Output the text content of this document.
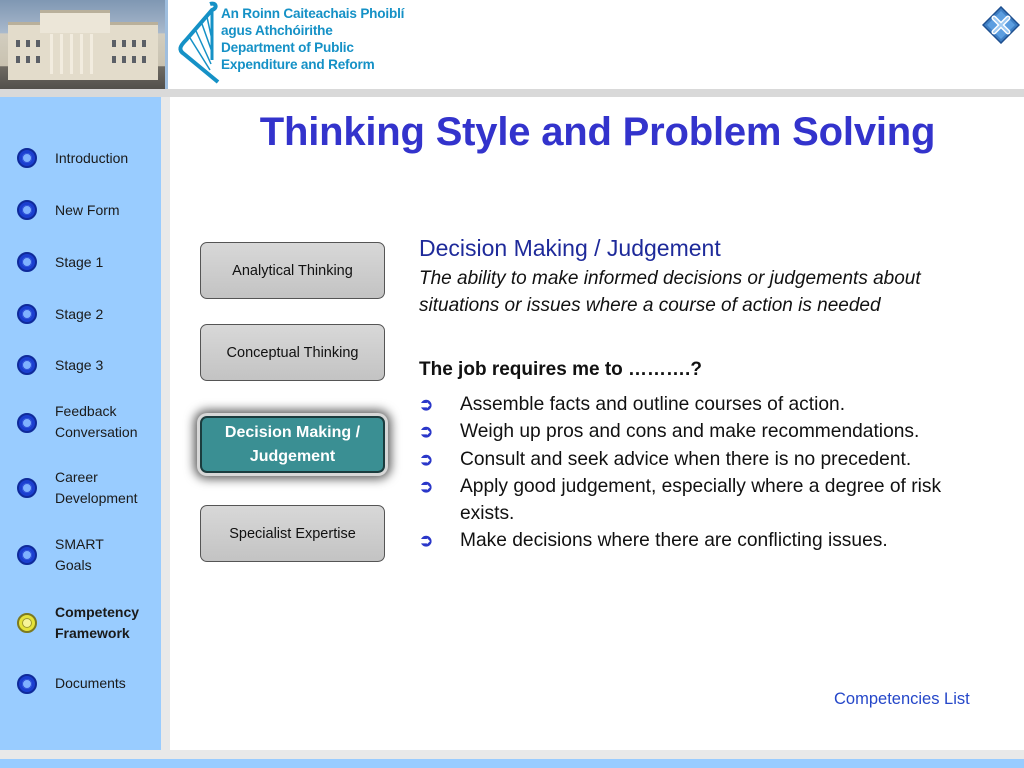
An Roinn Caiteachais Phoiblí
agus Athchóirithe
Department of Public
Expenditure and Reform
Introduction
New Form
Stage 1
Stage 2
Stage 3
Feedback Conversation
Career Development
SMART Goals
Competency Framework
Documents
Thinking Style and Problem Solving
Analytical Thinking
Conceptual Thinking
Decision Making / Judgement
Specialist Expertise
Decision Making / Judgement
The ability to make informed decisions or judgements about situations or issues where a course of action is needed
The job requires me to ……….?
➲ Assemble facts and outline courses of action.
➲ Weigh up pros and cons and make recommendations.
➲ Consult and seek advice when there is no precedent.
➲ Apply good judgement, especially where a degree of risk exists.
➲ Make decisions where there are conflicting issues.
Competencies List
